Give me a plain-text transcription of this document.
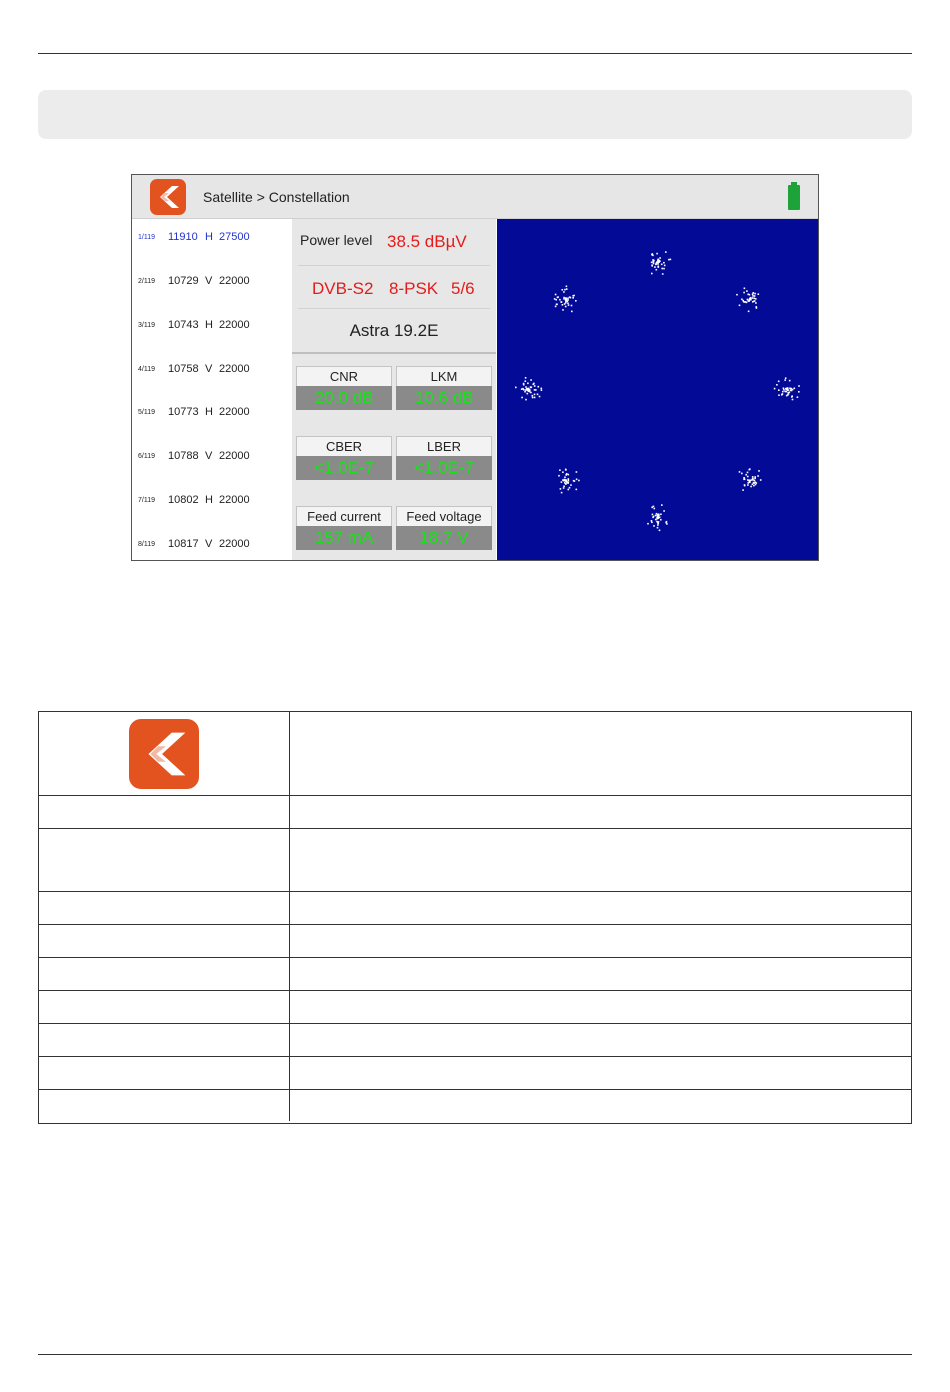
Satellite > Constellation
1/119 11910 H 27500
2/119 10729 V 22000
3/119 10743 H 22000
4/119 10758 V 22000
5/119 10773 H 22000
6/119 10788 V 22000
7/119 10802 H 22000
8/119 10817 V 22000
Power level 38.5 dBµV
DVB-S2 8-PSK 5/6
Astra 19.2E
CNR
20.0 dB
LKM
10.6 dB
CBER
<1.0E-7
LBER
<1.0E-7
Feed current
157 mA
Feed voltage
18.7 V
